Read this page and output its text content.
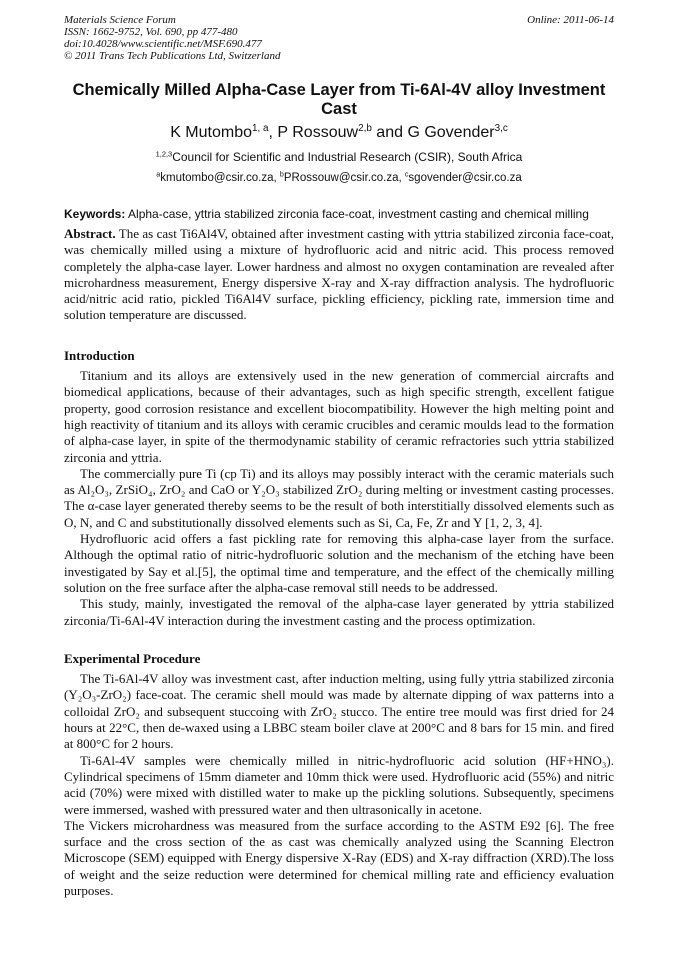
Materials Science Forum
ISSN: 1662-9752, Vol. 690, pp 477-480
doi:10.4028/www.scientific.net/MSF.690.477
© 2011 Trans Tech Publications Ltd, Switzerland
Online: 2011-06-14
Chemically Milled Alpha-Case Layer from Ti-6Al-4V alloy Investment Cast
K Mutombo$^{1, a}$, P Rossouw$^{2,b}$ and G Govender$^{3,c}$
$^{1,2,3}$Council for Scientific and Industrial Research (CSIR), South Africa
$^a$kmutombo@csir.co.za, $^b$PRossouw@csir.co.za, $^c$sgovender@csir.co.za
Keywords: Alpha-case, yttria stabilized zirconia face-coat, investment casting and chemical milling

Abstract. The as cast Ti6Al4V, obtained after investment casting with yttria stabilized zirconia face-coat, was chemically milled using a mixture of hydrofluoric acid and nitric acid. This process removed completely the alpha-case layer. Lower hardness and almost no oxygen contamination are revealed after microhardness measurement, Energy dispersive X-ray and X-ray diffraction analysis. The hydrofluoric acid/nitric acid ratio, pickled Ti6Al4V surface, pickling efficiency, pickling rate, immersion time and solution temperature are discussed.

Introduction

Titanium and its alloys are extensively used in the new generation of commercial aircrafts and biomedical applications, because of their advantages, such as high specific strength, excellent fatigue property, good corrosion resistance and excellent biocompatibility. However the high melting point and high reactivity of titanium and its alloys with ceramic crucibles and ceramic moulds lead to the formation of alpha-case layer, in spite of the thermodynamic stability of ceramic refractories such yttria stabilized zirconia and yttria.

The commercially pure Ti (cp Ti) and its alloys may possibly interact with the ceramic materials such as Al₂O₃, ZrSiO₄, ZrO₂ and CaO or Y₂O₃ stabilized ZrO₂ during melting or investment casting processes. The α-case layer generated thereby seems to be the result of both interstitially dissolved elements such as O, N, and C and substitutionally dissolved elements such as Si, Ca, Fe, Zr and Y [1, 2, 3, 4].

Hydrofluoric acid offers a fast pickling rate for removing this alpha-case layer from the surface. Although the optimal ratio of nitric-hydrofluoric solution and the mechanism of the etching have been investigated by Say et al.[5], the optimal time and temperature, and the effect of the chemically milling solution on the free surface after the alpha-case removal still needs to be addressed.

This study, mainly, investigated the removal of the alpha-case layer generated by yttria stabilized zirconia/Ti-6Al-4V interaction during the investment casting and the process optimization.

Experimental Procedure

The Ti-6Al-4V alloy was investment cast, after induction melting, using fully yttria stabilized zirconia (Y₂O₃-ZrO₂) face-coat. The ceramic shell mould was made by alternate dipping of wax patterns into a colloidal ZrO₂ and subsequent stuccoing with ZrO₂ stucco. The entire tree mould was first dried for 24 hours at 22°C, then de-waxed using a LBBC steam boiler clave at 200°C and 8 bars for 15 min. and fired at 800°C for 2 hours.

Ti-6Al-4V samples were chemically milled in nitric-hydrofluoric acid solution (HF+HNO₃). Cylindrical specimens of 15mm diameter and 10mm thick were used. Hydrofluoric acid (55%) and nitric acid (70%) were mixed with distilled water to make up the pickling solutions. Subsequently, specimens were immersed, washed with pressured water and then ultrasonically in acetone.

The Vickers microhardness was measured from the surface according to the ASTM E92 [6]. The free surface and the cross section of the as cast was chemically analyzed using the Scanning Electron Microscope (SEM) equipped with Energy dispersive X-Ray (EDS) and X-ray diffraction (XRD).The loss of weight and the seize reduction were determined for chemical milling rate and efficiency evaluation purposes.
